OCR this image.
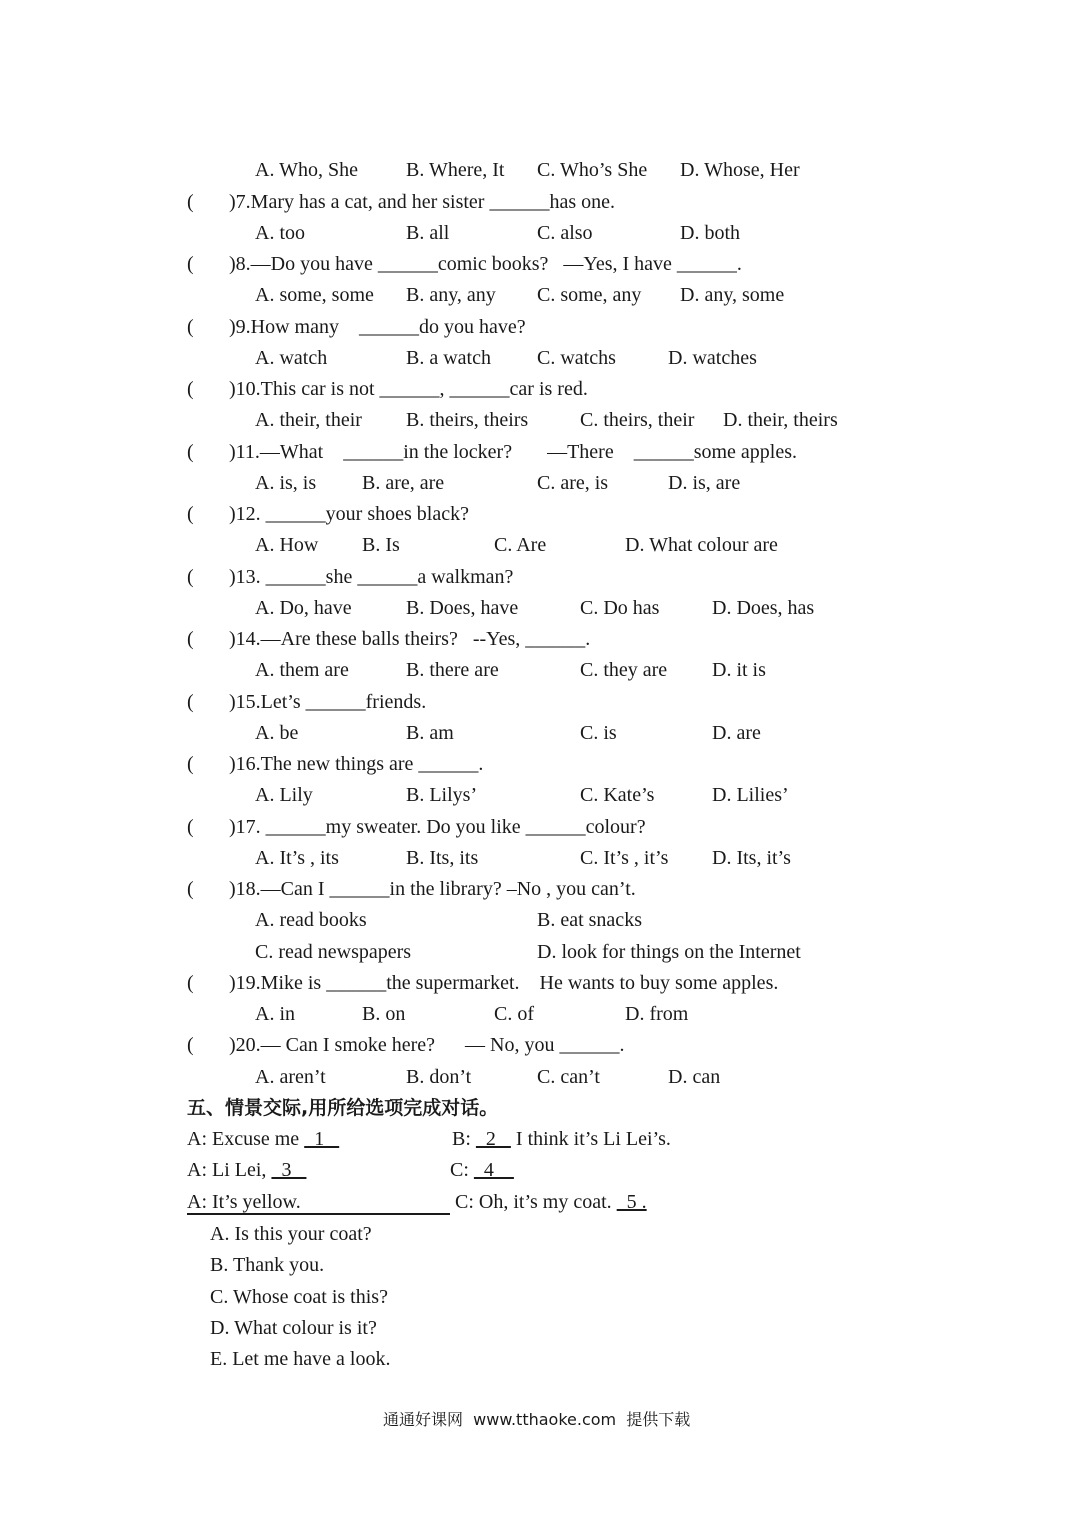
A. Who, She B. Where, It C. Who’s She D. Whose, Her
( )7.Mary has a cat, and her sister ______has one.
A. too	B. all	C. also	D. both
( )8.—Do you have ______comic books?   —Yes, I have ______.
A. some, some B. any, any C. some, any D. any, some
( )9.How many    ______do you have?
A. watch	B. a watch C. watchs	D. watches
( )10.This car is not ______, ______car is red.
A. their, their B. theirs, theirs	C. theirs, their D. their, theirs
( )11.—What    ______in the locker?       —There    ______some apples.
A. is, is B. are, are	C. are, is	D. is, are
( )12. ______your shoes black?
A. How B. Is	C. Are	D. What colour are
( )13. ______she ______a walkman?
A. Do, have	B. Does, have	C. Do has	D. Does, has
( )14.—Are these balls theirs?   --Yes, ______.
A. them are	B. there are	C. they are D. it is
( )15.Let’s ______friends.
A. be	B. am	C. is	D. are
( )16.The new things are ______.
A. Lily	B. Lilys’	C. Kate’s	D. Lilies’
( )17. ______my sweater. Do you like ______colour?
A. It’s , its	B. Its, its	C. It’s , it’s D. Its, it’s
( )18.—Can I ______in the library? –No , you can’t.
A. read books	B. eat snacks
C. read newspapers	D. look for things on the Internet
( )19.Mike is ______the supermarket.    He wants to buy some apples.
A. in	B. on	C. of	D. from
( )20.— Can I smoke here?      — No, you ______.
A. aren’t	B. don’t	C. can’t	D. can
五、情景交际,用所给选项完成对话。
A: Excuse me   1	B:   2    I think it’s Li Lei’s.
A: Li Lei,   3	C:   4
A: It’s yellow.	C: Oh, it’s my coat.   5 .
A. Is this your coat?
B. Thank you.
C. Whose coat is this?
D. What colour is it?
E. Let me have a look.
通通好课网  www.tthaoke.com  提供下载
